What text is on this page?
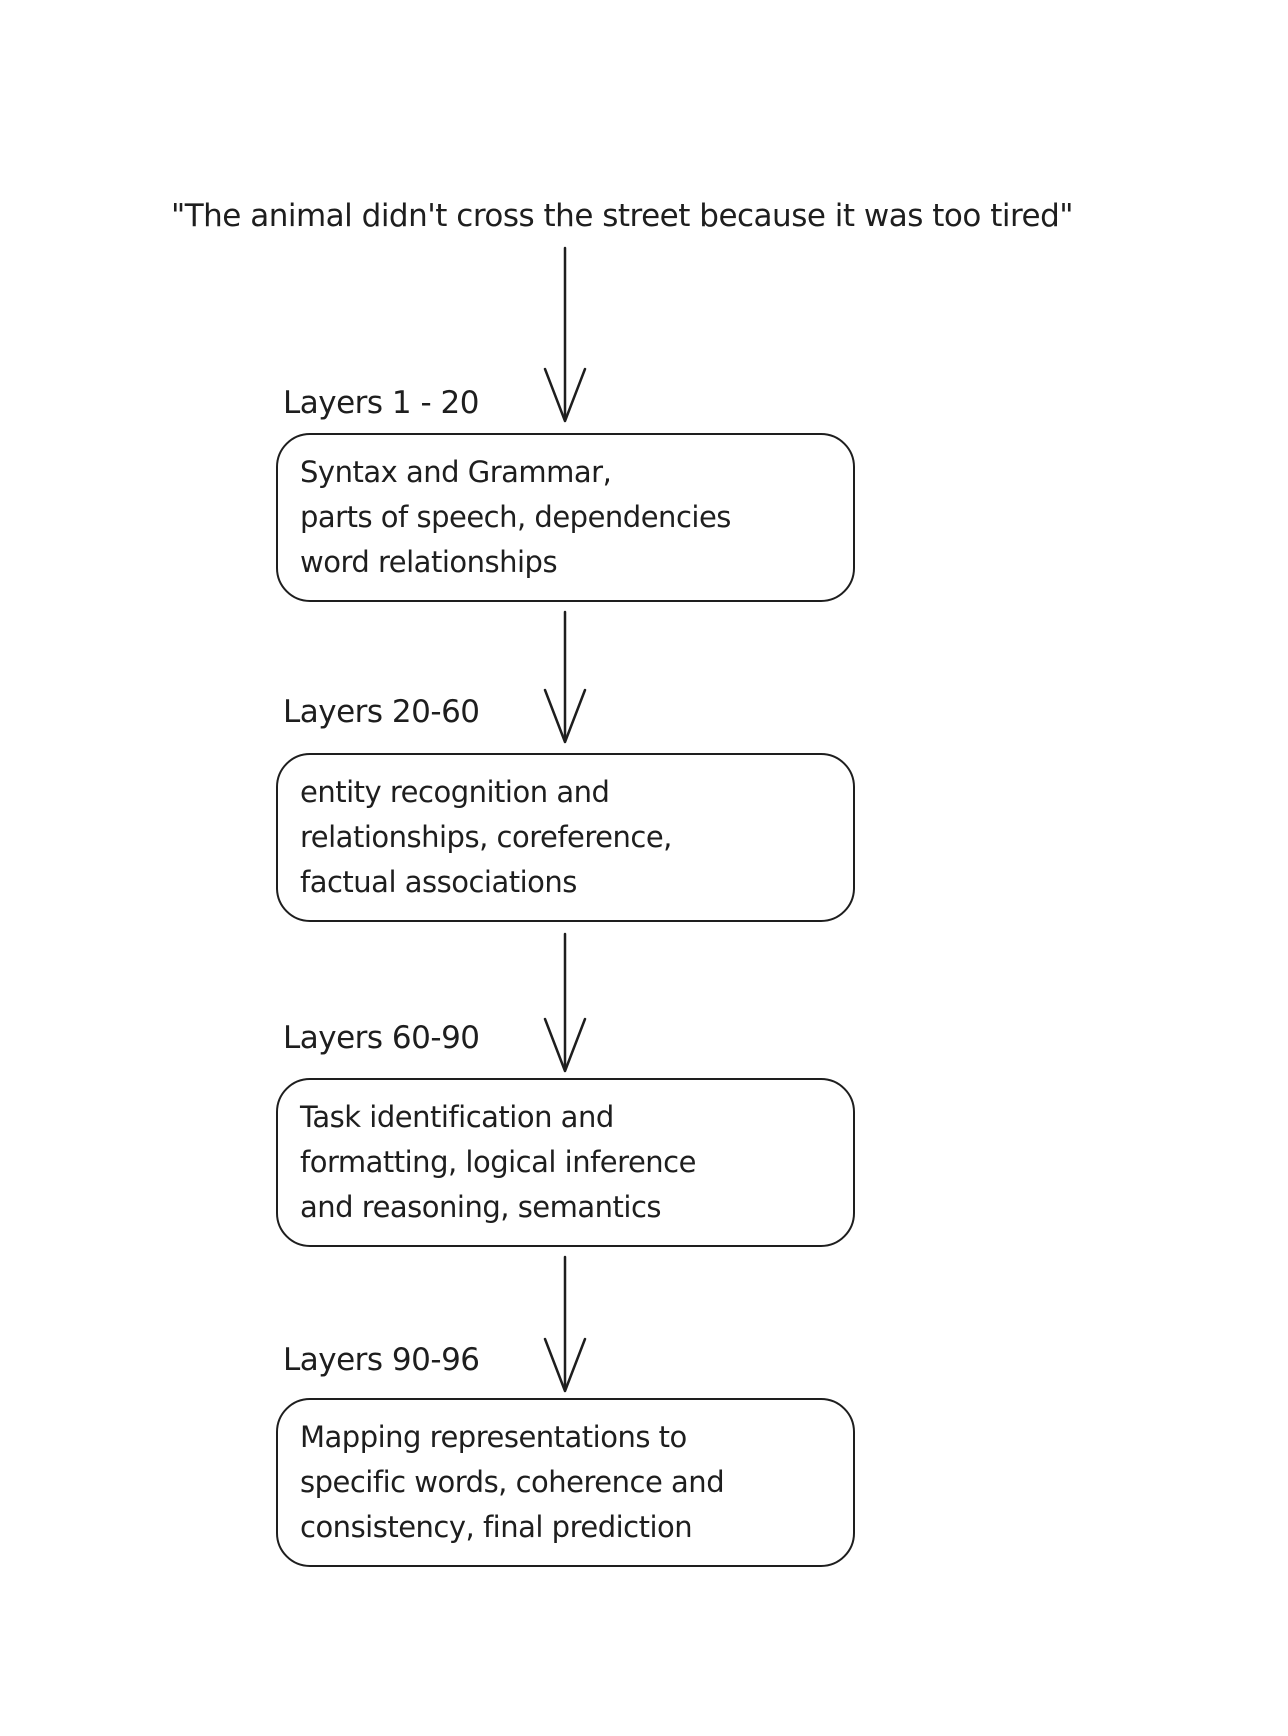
"The animal didn't cross the street because it was too tired"
Layers 1 - 20
Syntax and Grammar,
parts of speech, dependencies
word relationships
Layers 20-60
entity recognition and
relationships, coreference,
factual associations
Layers 60-90
Task identification and
formatting, logical inference
and reasoning, semantics
Layers 90-96
Mapping representations to
specific words, coherence and
consistency, final prediction
